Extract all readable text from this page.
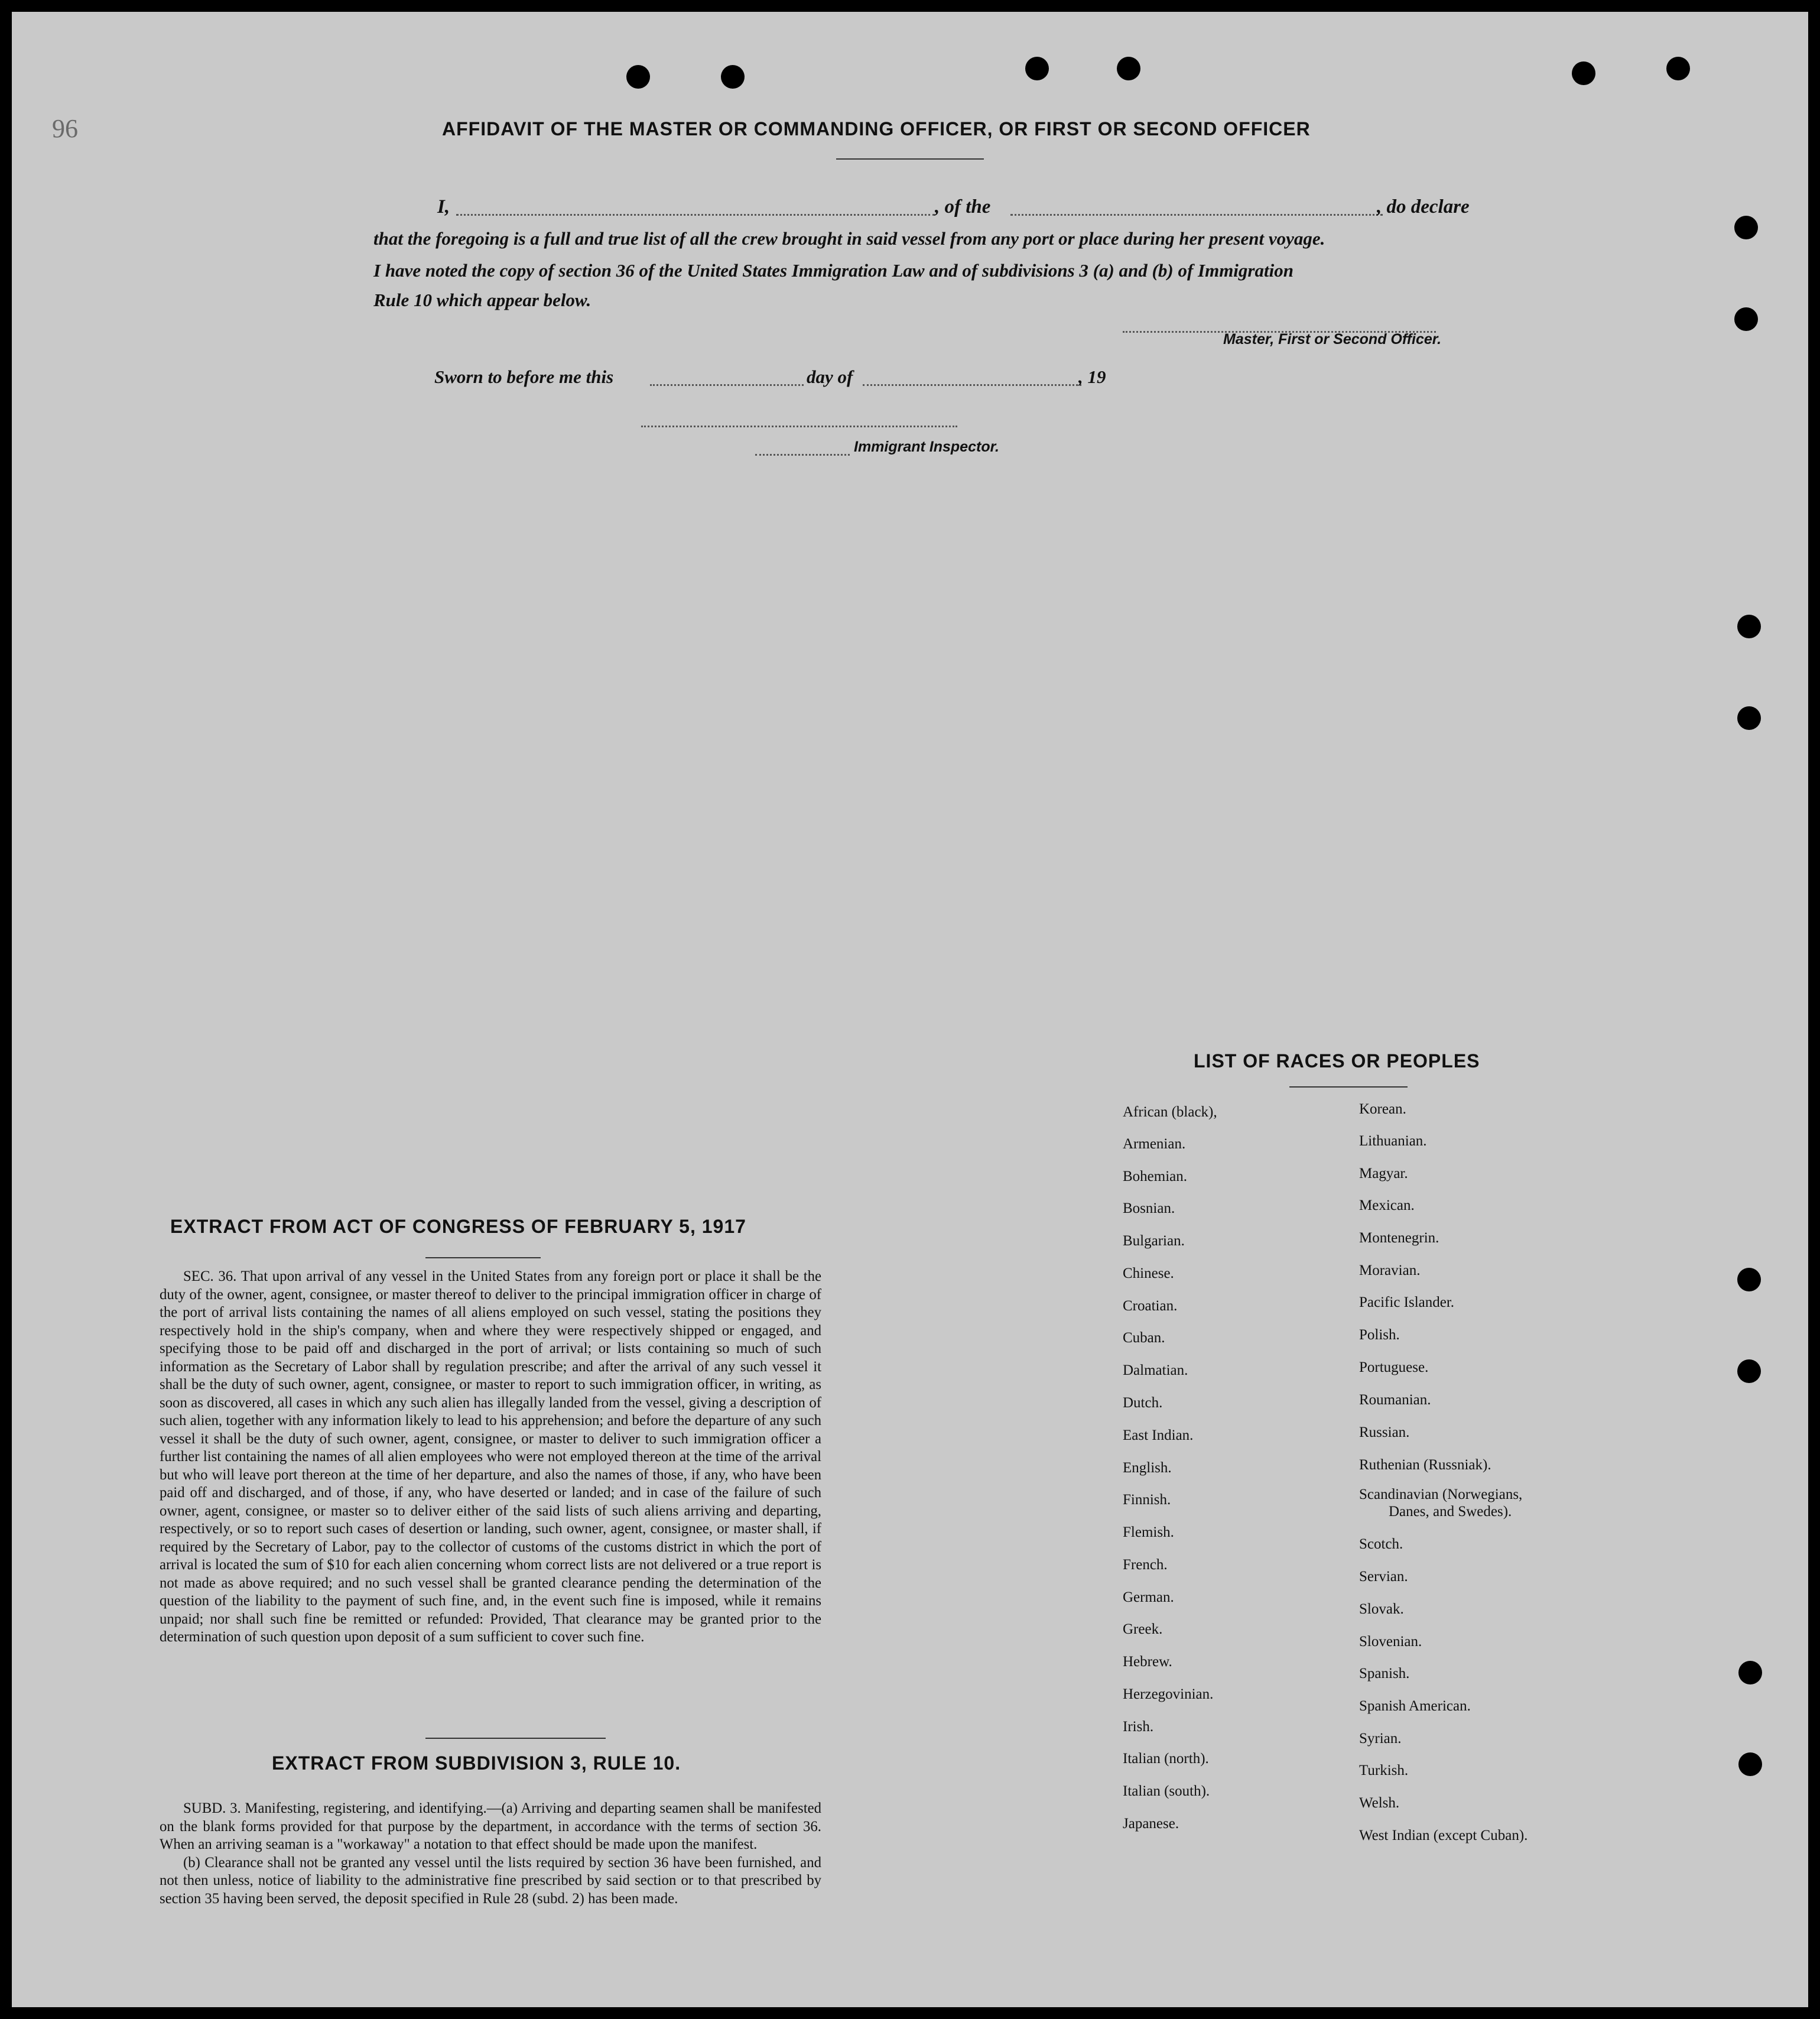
96	AFFIDAVIT OF THE MASTER OR COMMANDING OFFICER, OR FIRST OR SECOND OFFICER
I,	, of the	, do declare
that the foregoing is a full and true list of all the crew brought in said vessel from any port or place during her present voyage.
I have noted the copy of section 36 of the United States Immigration Law and of subdivisions 3 (a) and (b) of Immigration
Rule 10 which appear below.
Master, First or Second Officer.
Sworn to before me this	day of	, 19
Immigrant Inspector.
LIST OF RACES OR PEOPLES
African (black),
Armenian.
Bohemian.
Bosnian.
Bulgarian.
Chinese.
Croatian.
Cuban.
Dalmatian.
Dutch.
East Indian.
English.
Finnish.
Flemish.
French.
German.
Greek.
Hebrew.
Herzegovinian.
Irish.
Italian (north).
Italian (south).
Japanese.
Korean.
Lithuanian.
Magyar.
Mexican.
Montenegrin.
Moravian.
Pacific Islander.
Polish.
Portuguese.
Roumanian.
Russian.
Ruthenian (Russniak).
Scandinavian (Norwegians,
Danes, and Swedes).
Scotch.
Servian.
Slovak.
Slovenian.
Spanish.
Spanish American.
Syrian.
Turkish.
Welsh.
West Indian (except Cuban).
EXTRACT FROM ACT OF CONGRESS OF FEBRUARY 5, 1917

SEC. 36. That upon arrival of any vessel in the United States from any foreign port or place it shall be the duty of the owner, agent, consignee, or master thereof to deliver to the principal immigration officer in charge of the port of arrival lists containing the names of all aliens employed on such vessel, stating the positions they respectively hold in the ship's company, when and where they were respectively shipped or engaged, and specifying those to be paid off and discharged in the port of arrival; or lists containing so much of such information as the Secretary of Labor shall by regulation prescribe; and after the arrival of any such vessel it shall be the duty of such owner, agent, consignee, or master to report to such immigration officer, in writing, as soon as discovered, all cases in which any such alien has illegally landed from the vessel, giving a description of such alien, together with any information likely to lead to his apprehension; and before the departure of any such vessel it shall be the duty of such owner, agent, consignee, or master to deliver to such immigration officer a further list containing the names of all alien employees who were not employed thereon at the time of the arrival but who will leave port thereon at the time of her departure, and also the names of those, if any, who have been paid off and discharged, and of those, if any, who have deserted or landed; and in case of the failure of such owner, agent, consignee, or master so to deliver either of the said lists of such aliens arriving and departing, respectively, or so to report such cases of desertion or landing, such owner, agent, consignee, or master shall, if required by the Secretary of Labor, pay to the collector of customs of the customs district in which the port of arrival is located the sum of $10 for each alien concerning whom correct lists are not delivered or a true report is not made as above required; and no such vessel shall be granted clearance pending the determination of the question of the liability to the payment of such fine, and, in the event such fine is imposed, while it remains unpaid; nor shall such fine be remitted or refunded: Provided, That clearance may be granted prior to the determination of such question upon deposit of a sum sufficient to cover such fine.

EXTRACT FROM SUBDIVISION 3, RULE 10.

SUBD. 3. Manifesting, registering, and identifying.—(a) Arriving and departing seamen shall be manifested on the blank forms provided for that purpose by the department, in accordance with the terms of section 36. When an arriving seaman is a "workaway" a notation to that effect should be made upon the manifest.

(b) Clearance shall not be granted any vessel until the lists required by section 36 have been furnished, and not then unless, notice of liability to the administrative fine prescribed by said section or to that prescribed by section 35 having been served, the deposit specified in Rule 28 (subd. 2) has been made.
